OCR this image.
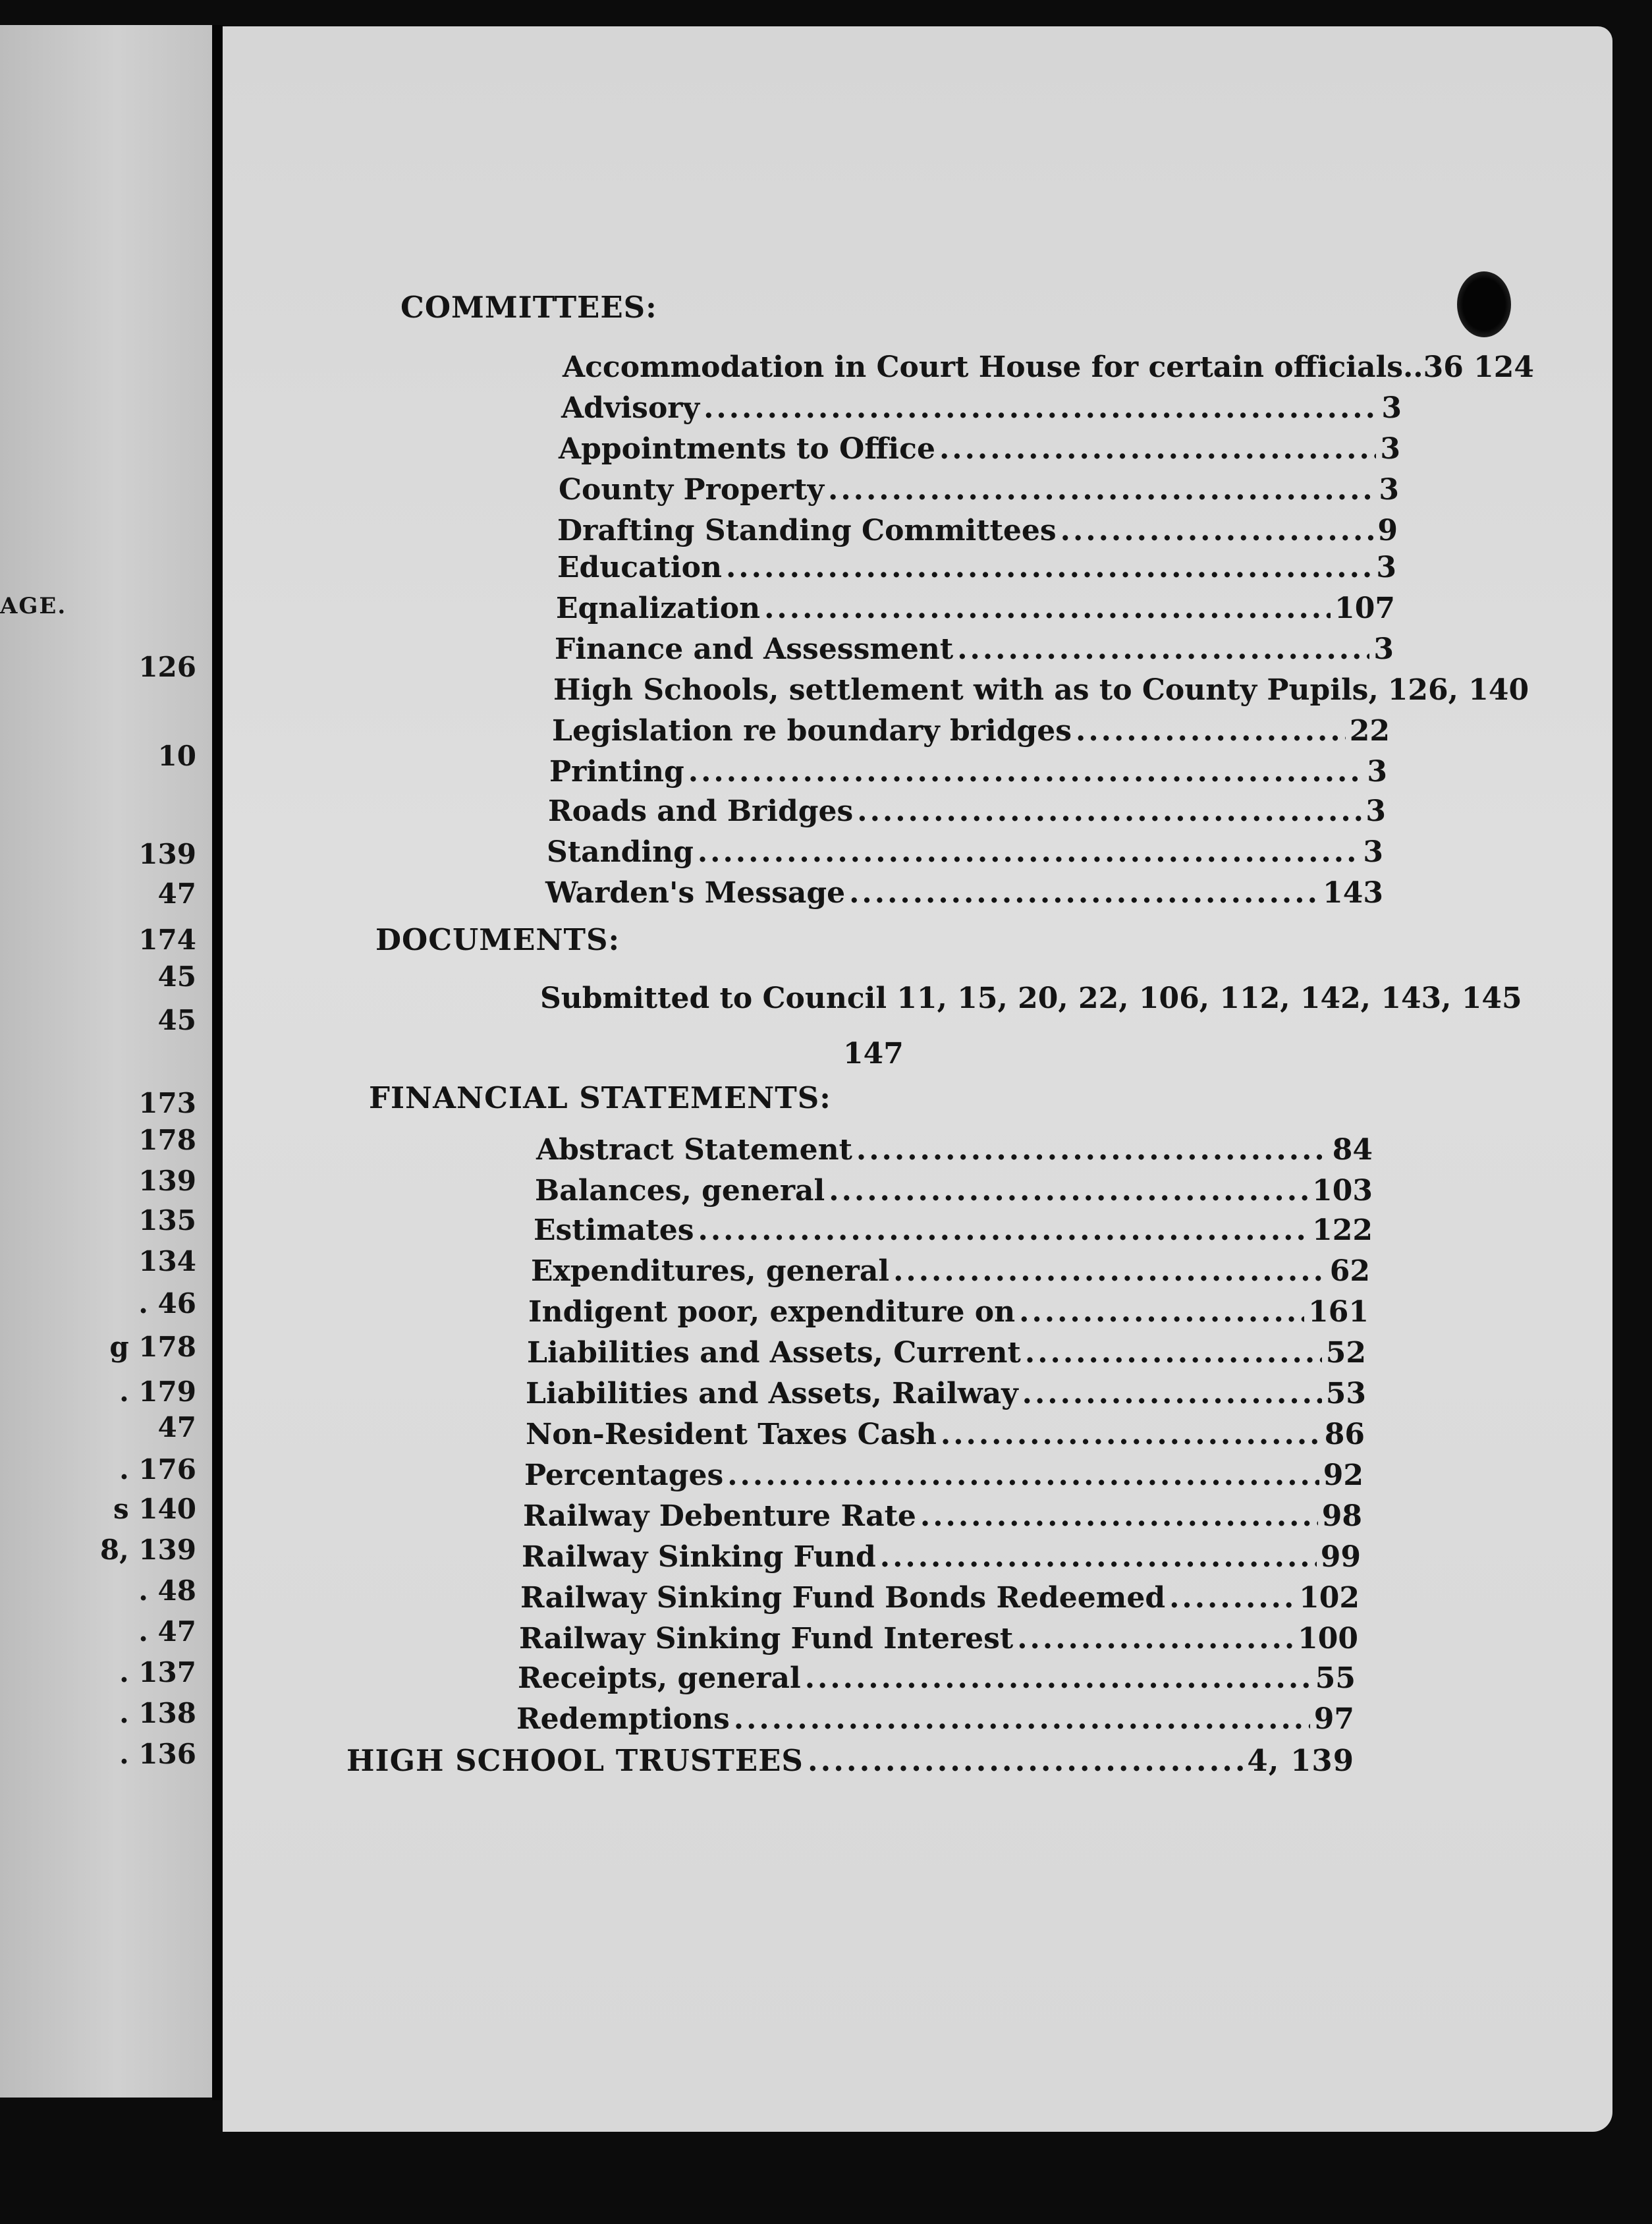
AGE.
126
10
139
47
174
45
45
173
178
139
135
134
. 46
g 178
. 179
47
. 176
s 140
8, 139
. 48
. 47
. 137
. 138
. 136
COMMITTEES:
Accommodation in Court House for certain officials ..36 124
Advisory .....	3
Appointments to Office .....	3
County Property .....	3
Drafting Standing Committees .....	9
Education .....	3
Eqnalization .....	107
Finance and Assessment .....	3
High Schools, settlement with as to County Pupils, 126, 140
Legislation re boundary bridges .....	22
Printing .....	3
Roads and Bridges .....	3
Standing .....	3
Warden's Message .....	143
DOCUMENTS:
Submitted to Council 11, 15, 20, 22, 106, 112, 142, 143, 145
147
FINANCIAL STATEMENTS:
Abstract Statement .....	84
Balances, general .....	103
Estimates .....	122
Expenditures, general .....	62
Indigent poor, expenditure on .....	161
Liabilities and Assets, Current .....	52
Liabilities and Assets, Railway .....	53
Non-Resident Taxes Cash .....	86
Percentages .....	92
Railway Debenture Rate .....	98
Railway Sinking Fund .....	99
Railway Sinking Fund Bonds Redeemed .....	102
Railway Sinking Fund Interest .....	100
Receipts, general .....	55
Redemptions .....	97
HIGH SCHOOL TRUSTEES .....	4, 139
